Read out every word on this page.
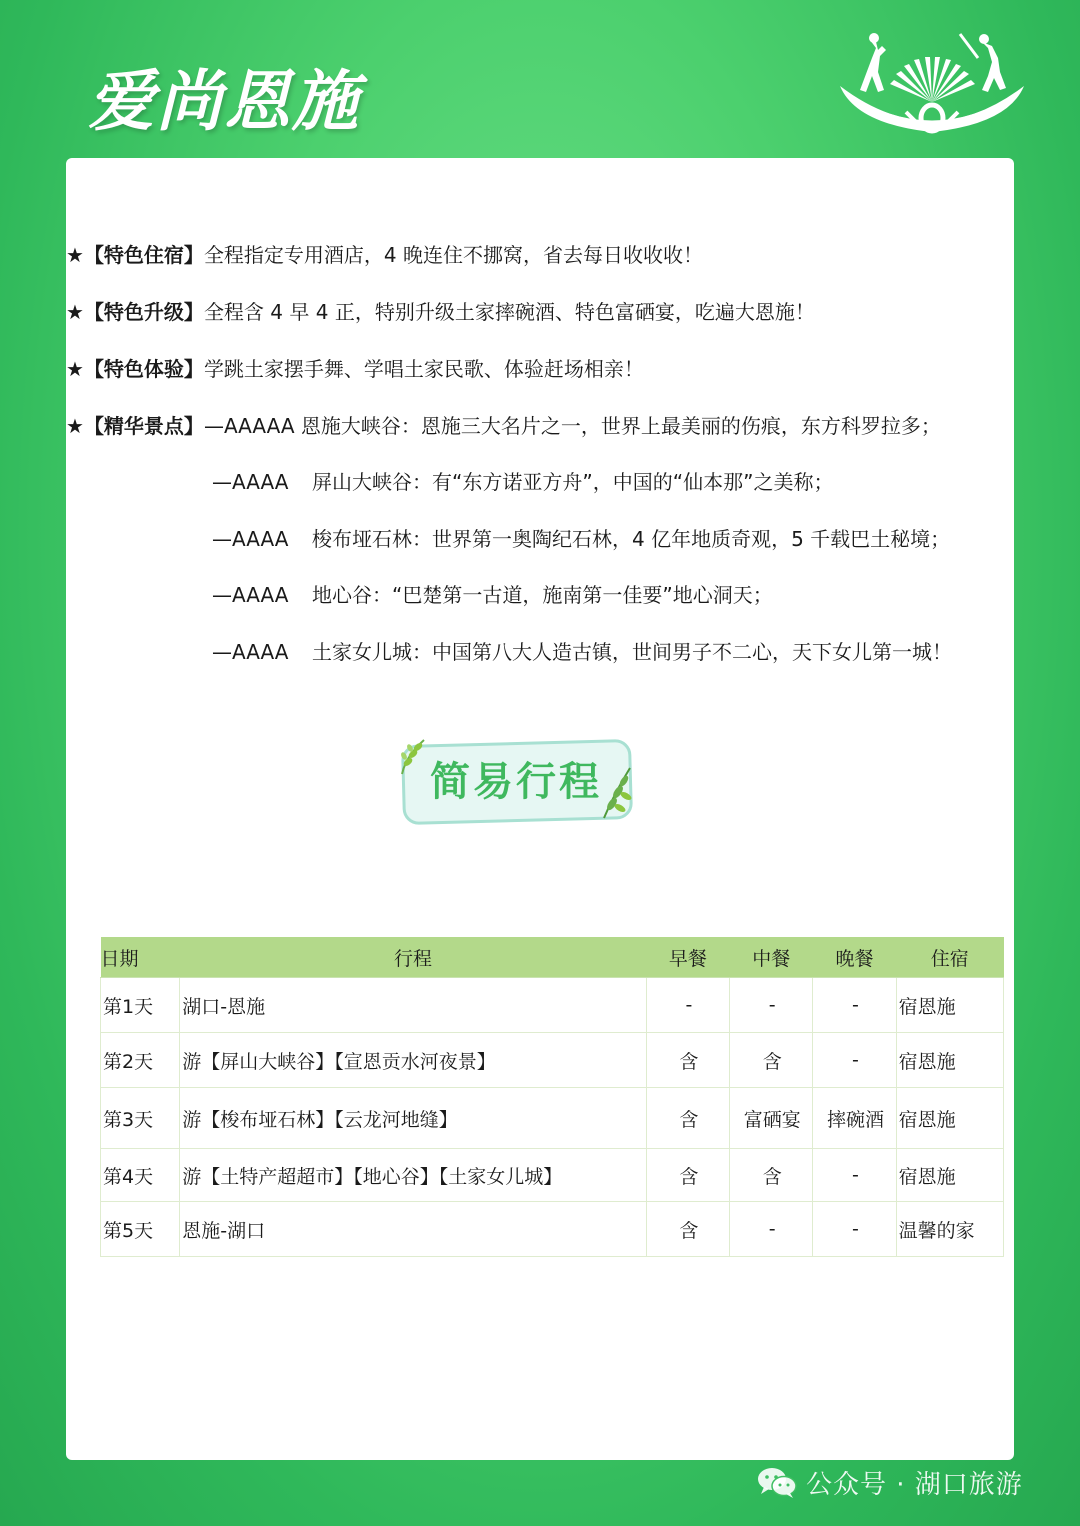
爱尚恩施
★【特色住宿】全程指定专用酒店，4 晚连住不挪窝，省去每日收收收！
★【特色升级】全程含 4 早 4 正，特别升级土家摔碗酒、特色富硒宴，吃遍大恩施！
★【特色体验】学跳土家摆手舞、学唱土家民歌、体验赶场相亲！
★【精华景点】—AAAAA 恩施大峡谷：恩施三大名片之一，世界上最美丽的伤痕，东方科罗拉多；
—AAAA 屏山大峡谷：有“东方诺亚方舟”，中国的“仙本那”之美称；
—AAAA 梭布垭石林：世界第一奥陶纪石林，4 亿年地质奇观，5 千载巴土秘境；
—AAAA 地心谷：“巴楚第一古道，施南第一佳要”地心洞天；
—AAAA 土家女儿城：中国第八大人造古镇，世间男子不二心，天下女儿第一城！
简易行程
日期	行程	早餐	中餐	晚餐	住宿
第1天	湖口-恩施	-	-	-	宿恩施
第2天	游【屏山大峡谷】【宣恩贡水河夜景】	含	含	-	宿恩施
第3天	游【梭布垭石林】【云龙河地缝】	含	富硒宴	摔碗酒	宿恩施
第4天	游【土特产超超市】【地心谷】【土家女儿城】	含	含	-	宿恩施
第5天	恩施-湖口	含	-	-	温馨的家
公众号 · 湖口旅游
